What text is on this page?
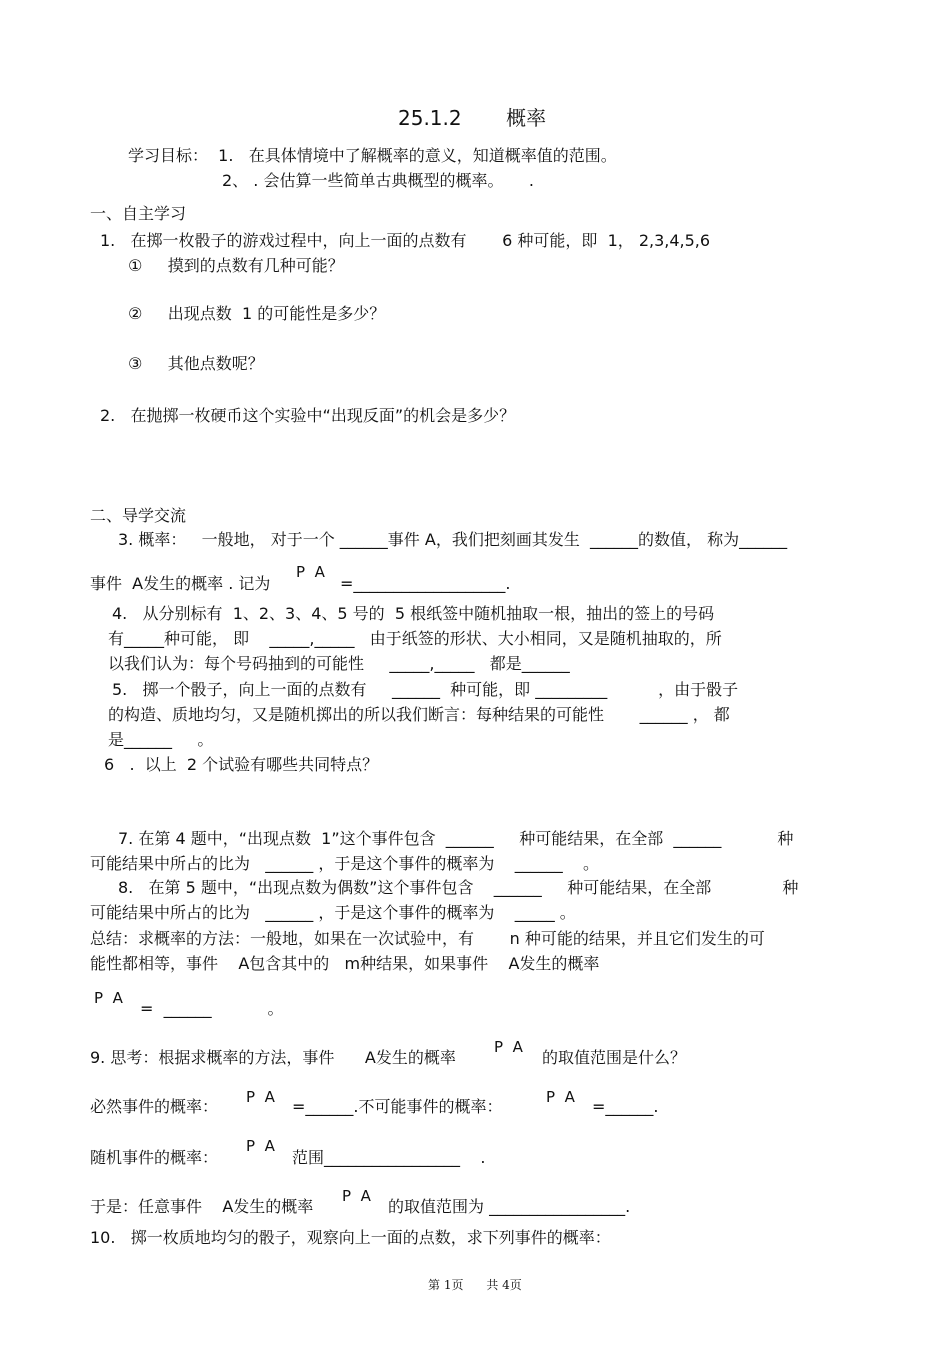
25.1.2       概率
学习目标：  1.   在具体情境中了解概率的意义，知道概率值的范围。
2、 . 会估算一些简单古典概型的概率。     .
一、自主学习
1.   在掷一枚骰子的游戏过程中，向上一面的点数有       6 种可能，即  1， 2,3,4,5,6
①     摸到的点数有几种可能？
②     出现点数  1 的可能性是多少？
③     其他点数呢？
2.   在抛掷一枚硬币这个实验中“出现反面”的机会是多少？
二、导学交流
3. 概率：   一般地， 对于一个 ______事件 A，我们把刻画其发生  ______的数值， 称为______
事件  A发生的概率 . 记为
P  A
=___________________.
4.   从分别标有  1、2、3、4、5 号的  5 根纸签中随机抽取一根，抽出的签上的号码
有_____种可能， 即    _____,_____   由于纸签的形状、大小相同，又是随机抽取的，所
以我们认为：每个号码抽到的可能性     _____,_____   都是______
5.   掷一个骰子，向上一面的点数有     ______  种可能，即 _________          ，由于骰子
的构造、质地均匀，又是随机掷出的所以我们断言：每种结果的可能性       ______ ， 都
是______     。
6   .  以上  2 个试验有哪些共同特点？
7. 在第 4 题中，“出现点数  1”这个事件包含  ______     种可能结果，在全部  ______           种
可能结果中所占的比为   ______ ，于是这个事件的概率为    ______    。
8.   在第 5 题中，“出现点数为偶数”这个事件包含    ______     种可能结果，在全部              种
可能结果中所占的比为   ______ ，于是这个事件的概率为    _____ 。
总结：求概率的方法：一般地，如果在一次试验中，有       n 种可能的结果，并且它们发生的可
能性都相等，事件    A包含其中的   m种结果，如果事件    A发生的概率
P  A
=  ______           。
9. 思考：根据求概率的方法，事件      A发生的概率
P  A
的取值范围是什么？
必然事件的概率： P  A =______.不可能事件的概率：	P  A =______.
随机事件的概率：
P  A
范围_________________    .
于是：任意事件    A发生的概率
P  A
的取值范围为 _________________.
10.   掷一枚质地均匀的骰子，观察向上一面的点数，求下列事件的概率：
第 1页      共 4页
